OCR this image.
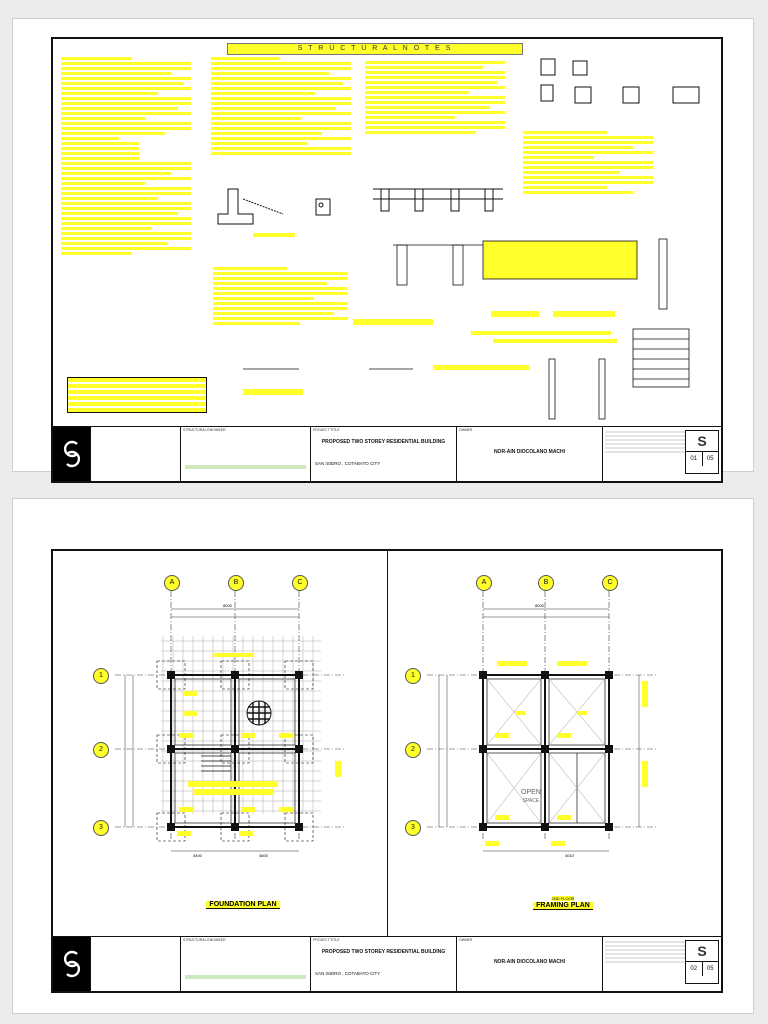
S T R U C T U R A L N O T E S
STRUCTURAL ENGINEER	PROJECT TITLE
PROPOSED TWO STOREY RESIDENTIAL BUILDING
SAN ISIDRO , COTABATO CITY
OWNER
NOR-AIN DIOCOLANO MACHI
S
01	05
A	B	C
1
2
3
8000
3400	4600
FOUNDATION PLAN
A	B	C
1
2
3
8000
4010
OPEN
SPACE
2ND FLOOR
FRAMING PLAN
STRUCTURAL ENGINEER	PROJECT TITLE
PROPOSED TWO STOREY RESIDENTIAL BUILDING
SAN ISIDRO , COTABATO CITY
OWNER
NOR-AIN DIOCOLANO MACHI
S
02	05
